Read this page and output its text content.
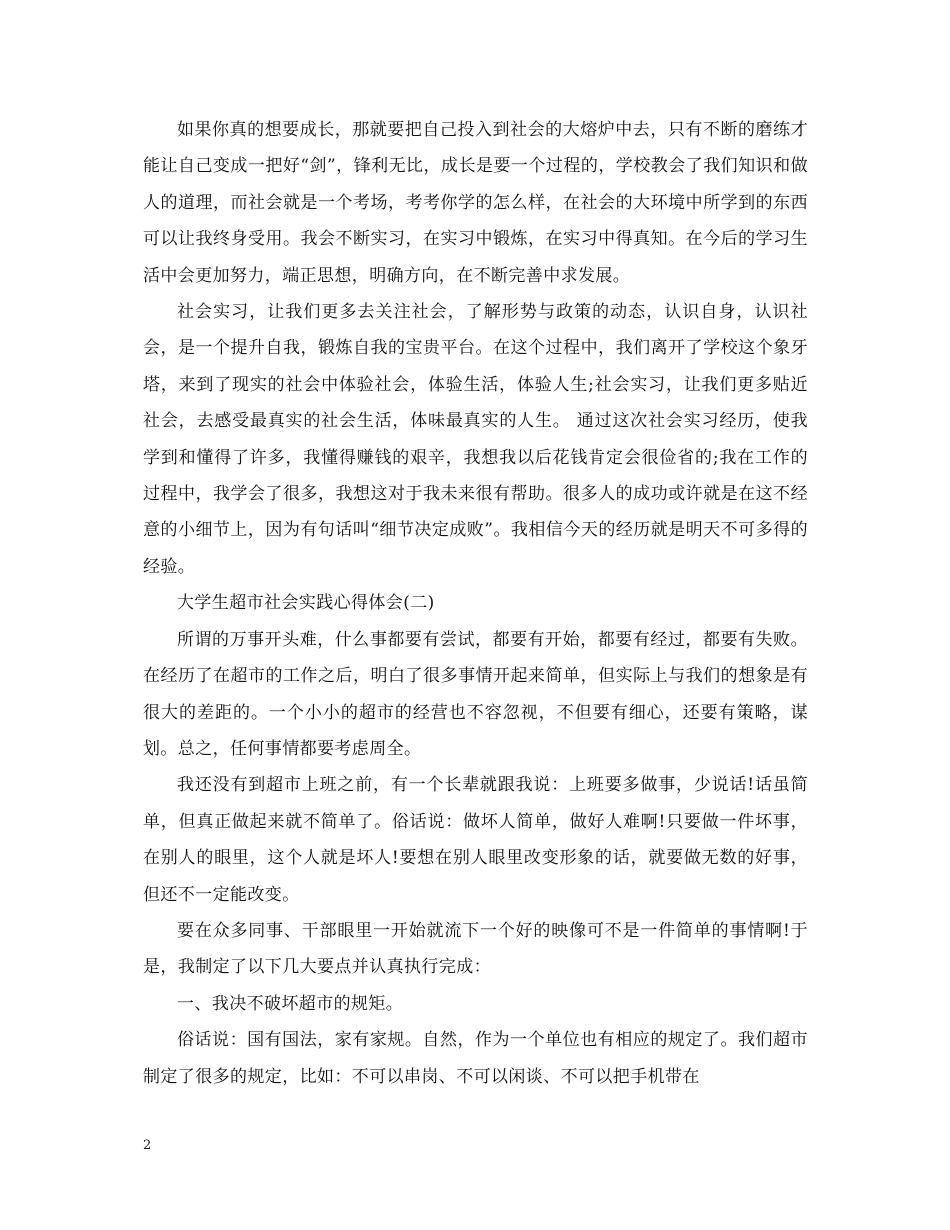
如果你真的想要成长，那就要把自己投入到社会的大熔炉中去，只有不断的磨练才能让自己变成一把好“剑”，锋利无比，成长是要一个过程的，学校教会了我们知识和做人的道理，而社会就是一个考场，考考你学的怎么样，在社会的大环境中所学到的东西可以让我终身受用。我会不断实习，在实习中锻炼，在实习中得真知。在今后的学习生活中会更加努力，端正思想，明确方向，在不断完善中求发展。

社会实习，让我们更多去关注社会，了解形势与政策的动态，认识自身，认识社会，是一个提升自我，锻炼自我的宝贵平台。在这个过程中，我们离开了学校这个象牙塔，来到了现实的社会中体验社会，体验生活，体验人生;社会实习，让我们更多贴近社会，去感受最真实的社会生活，体味最真实的人生。 通过这次社会实习经历，使我学到和懂得了许多，我懂得赚钱的艰辛，我想我以后花钱肯定会很俭省的;我在工作的过程中，我学会了很多，我想这对于我未来很有帮助。很多人的成功或许就是在这不经意的小细节上，因为有句话叫“细节决定成败”。我相信今天的经历就是明天不可多得的经验。

大学生超市社会实践心得体会(二)

所谓的万事开头难，什么事都要有尝试，都要有开始，都要有经过，都要有失败。在经历了在超市的工作之后，明白了很多事情开起来简单，但实际上与我们的想象是有很大的差距的。一个小小的超市的经营也不容忽视，不但要有细心，还要有策略，谋划。总之，任何事情都要考虑周全。

我还没有到超市上班之前，有一个长辈就跟我说：上班要多做事，少说话!话虽简单，但真正做起来就不简单了。俗话说：做坏人简单，做好人难啊!只要做一件坏事，在别人的眼里，这个人就是坏人!要想在别人眼里改变形象的话，就要做无数的好事，但还不一定能改变。

要在众多同事、干部眼里一开始就流下一个好的映像可不是一件简单的事情啊!于是，我制定了以下几大要点并认真执行完成：

一、我决不破坏超市的规矩。

俗话说：国有国法，家有家规。自然，作为一个单位也有相应的规定了。我们超市制定了很多的规定，比如：不可以串岗、不可以闲谈、不可以把手机带在

2
